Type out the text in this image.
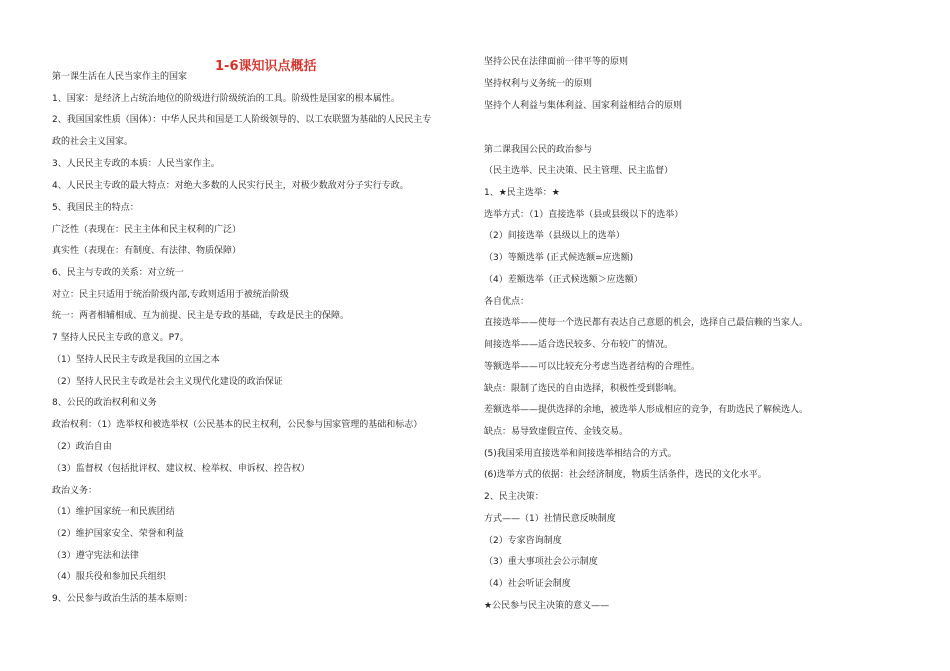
1-6课知识点概括
第一课生活在人民当家作主的国家
1、国家：是经济上占统治地位的阶级进行阶级统治的工具。阶级性是国家的根本属性。
2、我国国家性质（国体）：中华人民共和国是工人阶级领导的、以工农联盟为基础的人民民主专
政的社会主义国家。
3、人民民主专政的本质：人民当家作主。
4、人民民主专政的最大特点：对绝大多数的人民实行民主，对极少数敌对分子实行专政。
5、我国民主的特点：
广泛性（表现在：民主主体和民主权利的广泛）
真实性（表现在：有制度、有法律、物质保障）
6、民主与专政的关系：对立统一
对立：民主只适用于统治阶级内部,专政则适用于被统治阶级
统一：两者相辅相成、互为前提、民主是专政的基础，专政是民主的保障。
7 坚持人民民主专政的意义。P7。
（1）坚持人民民主专政是我国的立国之本
（2）坚持人民民主专政是社会主义现代化建设的政治保证
8、公民的政治权利和义务
政治权利：（1）选举权和被选举权（公民基本的民主权利，公民参与国家管理的基础和标志）
（2）政治自由
（3）监督权（包括批评权、建议权、检举权、申诉权、控告权）
政治义务：
（1）维护国家统一和民族团结
（2）维护国家安全、荣誉和利益
（3）遵守宪法和法律
（4）服兵役和参加民兵组织
9、公民参与政治生活的基本原则：
坚持公民在法律面前一律平等的原则
坚持权利与义务统一的原则
坚持个人利益与集体利益、国家利益相结合的原则
第二课我国公民的政治参与
（民主选举、民主决策、民主管理、民主监督）
1、★民主选举：★
选举方式：（1）直接选举（县或县级以下的选举）
（2）间接选举（县级以上的选举）
（3）等额选举 (正式候选额=应选额)
（4）差额选举（正式候选额＞应选额）
各自优点：
直接选举——使每一个选民都有表达自己意愿的机会，选择自己最信赖的当家人。
间接选举——适合选民较多、分布较广的情况。
等额选举——可以比较充分考虑当选者结构的合理性。
缺点：限制了选民的自由选择，积极性受到影响。
差额选举——提供选择的余地，被选举人形成相应的竞争，有助选民了解候选人。
缺点：易导致虚假宣传、金钱交易。
(5)我国采用直接选举和间接选举相结合的方式。
(6)选举方式的依据：社会经济制度，物质生活条件，选民的文化水平。
2、民主决策：
方式——（1）社情民意反映制度
（2）专家咨询制度
（3）重大事项社会公示制度
（4）社会听证会制度
★公民参与民主决策的意义——
